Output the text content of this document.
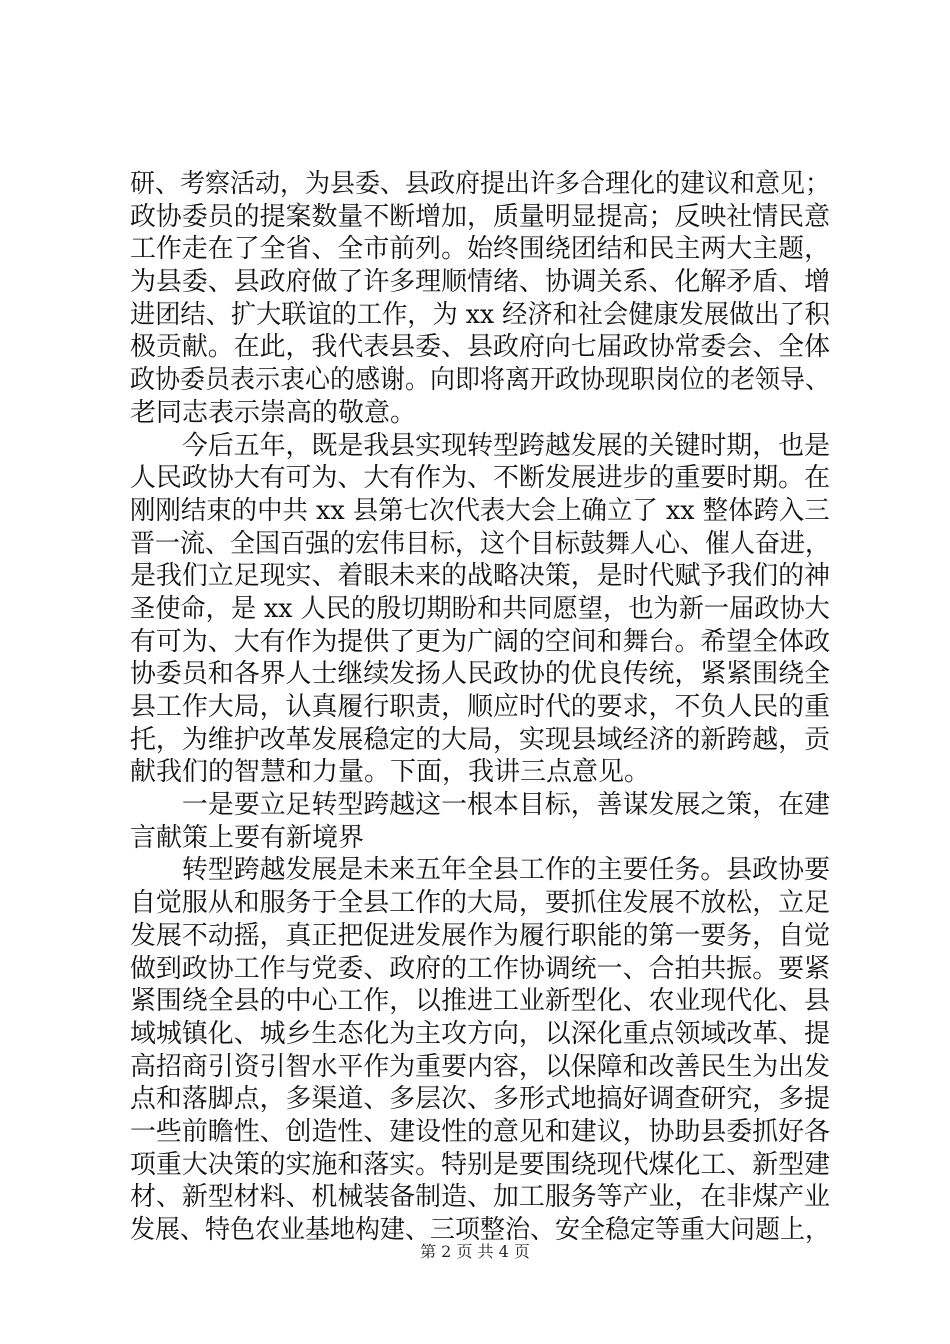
研、考察活动，为县委、县政府提出许多合理化的建议和意见；
政协委员的提案数量不断增加，质量明显提高；反映社情民意
工作走在了全省、全市前列。始终围绕团结和民主两大主题，
为县委、县政府做了许多理顺情绪、协调关系、化解矛盾、增
进团结、扩大联谊的工作，为 xx 经济和社会健康发展做出了积
极贡献。在此，我代表县委、县政府向七届政协常委会、全体
政协委员表示衷心的感谢。向即将离开政协现职岗位的老领导、
老同志表示崇高的敬意。
　　今后五年，既是我县实现转型跨越发展的关键时期，也是
人民政协大有可为、大有作为、不断发展进步的重要时期。在
刚刚结束的中共 xx 县第七次代表大会上确立了 xx 整体跨入三
晋一流、全国百强的宏伟目标，这个目标鼓舞人心、催人奋进，
是我们立足现实、着眼未来的战略决策，是时代赋予我们的神
圣使命，是 xx 人民的殷切期盼和共同愿望，也为新一届政协大
有可为、大有作为提供了更为广阔的空间和舞台。希望全体政
协委员和各界人士继续发扬人民政协的优良传统，紧紧围绕全
县工作大局，认真履行职责，顺应时代的要求，不负人民的重
托，为维护改革发展稳定的大局，实现县域经济的新跨越，贡
献我们的智慧和力量。下面，我讲三点意见。
　　一是要立足转型跨越这一根本目标，善谋发展之策，在建
言献策上要有新境界
　　转型跨越发展是未来五年全县工作的主要任务。县政协要
自觉服从和服务于全县工作的大局，要抓住发展不放松，立足
发展不动摇，真正把促进发展作为履行职能的第一要务，自觉
做到政协工作与党委、政府的工作协调统一、合拍共振。要紧
紧围绕全县的中心工作，以推进工业新型化、农业现代化、县
域城镇化、城乡生态化为主攻方向，以深化重点领域改革、提
高招商引资引智水平作为重要内容，以保障和改善民生为出发
点和落脚点，多渠道、多层次、多形式地搞好调查研究，多提
一些前瞻性、创造性、建设性的意见和建议，协助县委抓好各
项重大决策的实施和落实。特别是要围绕现代煤化工、新型建
材、新型材料、机械装备制造、加工服务等产业，在非煤产业
发展、特色农业基地构建、三项整治、安全稳定等重大问题上，
第 2 页 共 4 页
